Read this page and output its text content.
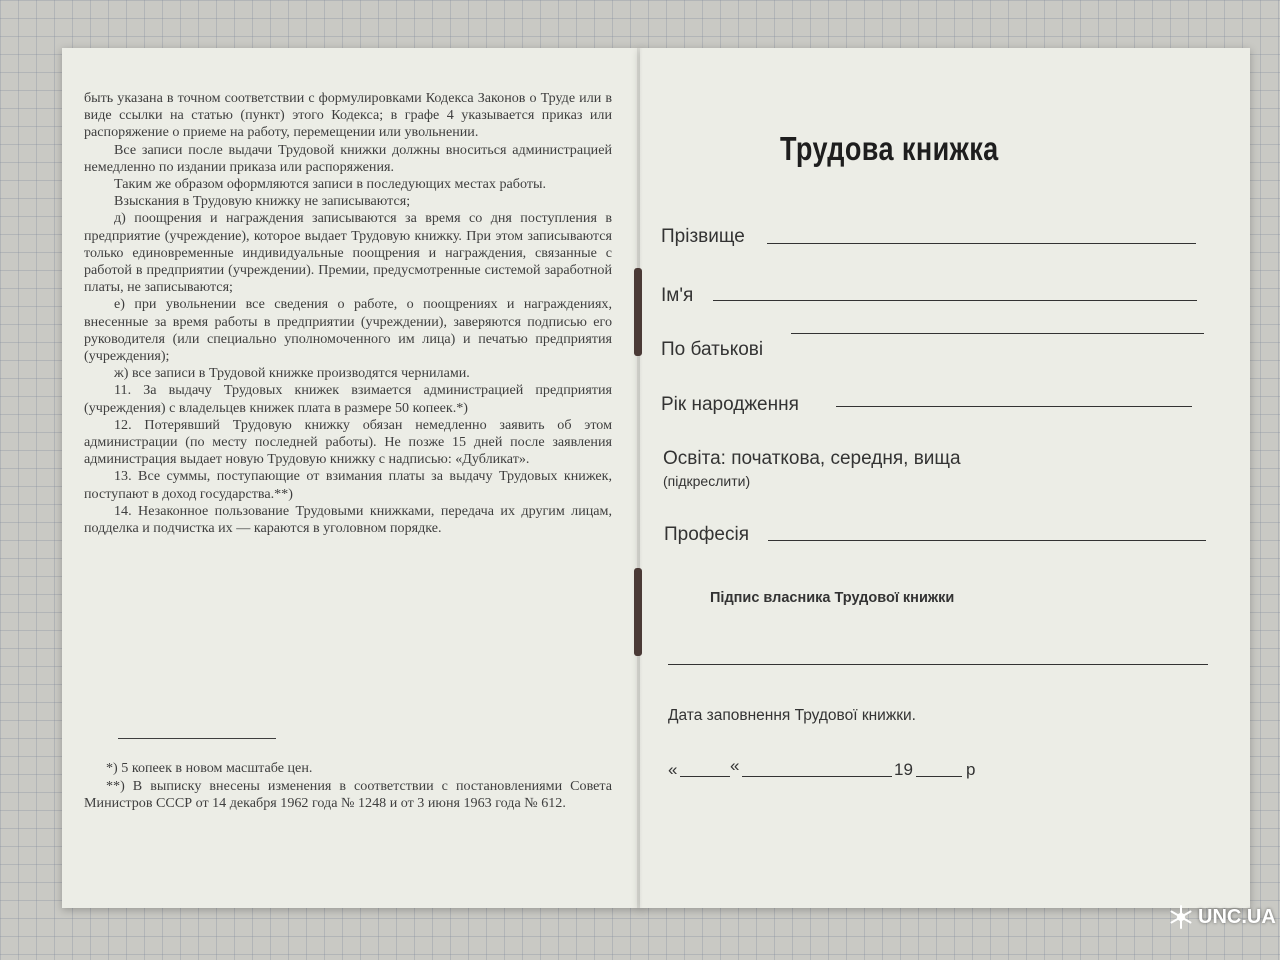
быть указана в точном соответствии с формулировками Кодекса Законов о Труде или в виде ссылки на статью (пункт) этого Кодекса; в графе 4 указывается приказ или распоряжение о приеме на работу, перемещении или увольнении.

Все записи после выдачи Трудовой книжки должны вноситься администрацией немедленно по издании приказа или распоряжения.

Таким же образом оформляются записи в последующих местах работы.

Взыскания в Трудовую книжку не записываются;

д) поощрения и награждения записываются за время со дня поступления в предприятие (учреждение), которое выдает Трудовую книжку. При этом записываются только единовременные индивидуальные поощрения и награждения, связанные с работой в предприятии (учреждении). Премии, предусмотренные системой заработной платы, не записываются;

е) при увольнении все сведения о работе, о поощрениях и награждениях, внесенные за время работы в предприятии (учреждении), заверяются подписью его руководителя (или специально уполномоченного им лица) и печатью предприятия (учреждения);

ж) все записи в Трудовой книжке производятся чернилами.

11. За выдачу Трудовых книжек взимается администрацией предприятия (учреждения) с владельцев книжек плата в размере 50 копеек.*)

12. Потерявший Трудовую книжку обязан немедленно заявить об этом администрации (по месту последней работы). Не позже 15 дней после заявления администрация выдает новую Трудовую книжку с надписью: «Дубликат».

13. Все суммы, поступающие от взимания платы за выдачу Трудовых книжек, поступают в доход государства.**)

14. Незаконное пользование Трудовыми книжками, передача их другим лицам, подделка и подчистка их — караются в уголовном порядке.

*) 5 копеек в новом масштабе цен.

**) В выписку внесены изменения в соответствии с постановлениями Совета Министров СССР от 14 декабря 1962 года № 1248 и от 3 июня 1963 года № 612.

Трудова книжка
Прізвище
Ім'я
По батькові
Рік народження
Освіта: початкова, середня, вища
(підкреслити)
Професія
Підпис власника Трудової книжки
Дата заповнення Трудової книжки.
«	«	19	р
UNC.UA
